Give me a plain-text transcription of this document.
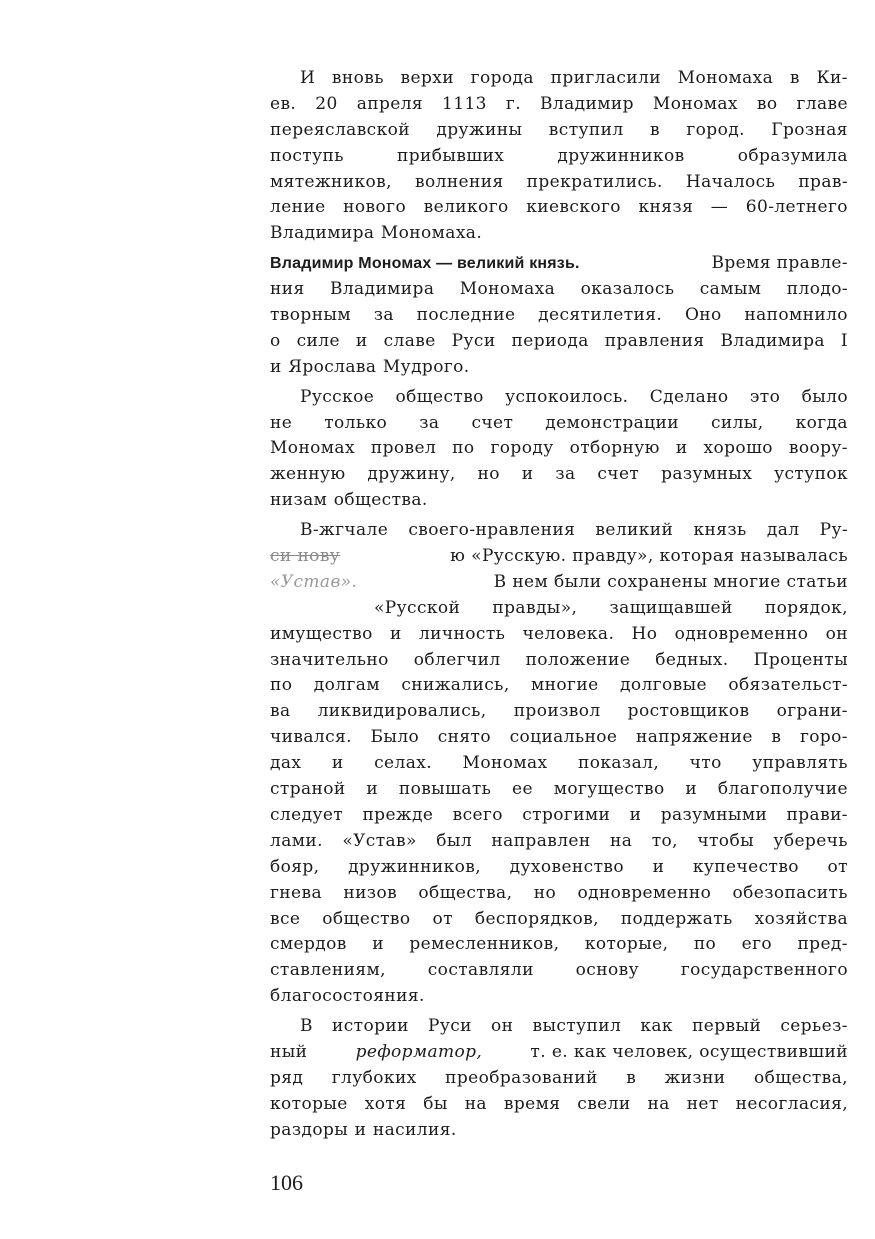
И вновь верхи города пригласили Мономаха в Ки-
ев. 20 апреля 1113 г. Владимир Мономах во главе
переяславской дружины вступил в город. Грозная
поступь	прибывших	дружинников	образумила
мятежников, волнения прекратились. Началось прав-
ление нового великого киевского князя — 60-летнего
Владимира Мономаха.
Владимир Мономах — великий князь.	Время правле-
ния Владимира Мономаха оказалось самым плодо-
творным за последние десятилетия. Оно напомнило
о силе и славе Руси периода правления Владимира I
и Ярослава Мудрого.
Русское общество успокоилось. Сделано это было
не только за счет демонстрации силы, когда
Мономах провел по городу отборную и хорошо воору-
женную дружину, но и за счет разумных уступок
низам общества.
В-жгчале своего-нравления великий князь дал Ру-
си нову	ю «Русскую. правду», которая называлась
«Устав».	В нем были сохранены многие статьи
«Русской правды», защищавшей порядок,
имущество и личность человека. Но одновременно он
значительно облегчил положение бедных. Проценты
по долгам снижались, многие долговые обязательст-
ва ликвидировались, произвол ростовщиков ограни-
чивался. Было снято социальное напряжение в горо-
дах и селах. Мономах показал, что управлять
страной и повышать ее могущество и благополучие
следует прежде всего строгими и разумными прави-
лами. «Устав» был направлен на то, чтобы уберечь
бояр, дружинников, духовенство и купечество от
гнева низов общества, но одновременно обезопасить
все общество от беспорядков, поддержать хозяйства
смердов и ремесленников, которые, по его пред-
ставлениям, составляли основу государственного
благосостояния.
В истории Руси он выступил как первый серьез-
ный	реформатор,	т. е. как человек, осуществивший
ряд глубоких преобразований в жизни общества,
которые хотя бы на время свели на нет несогласия,
раздоры и насилия.
106
